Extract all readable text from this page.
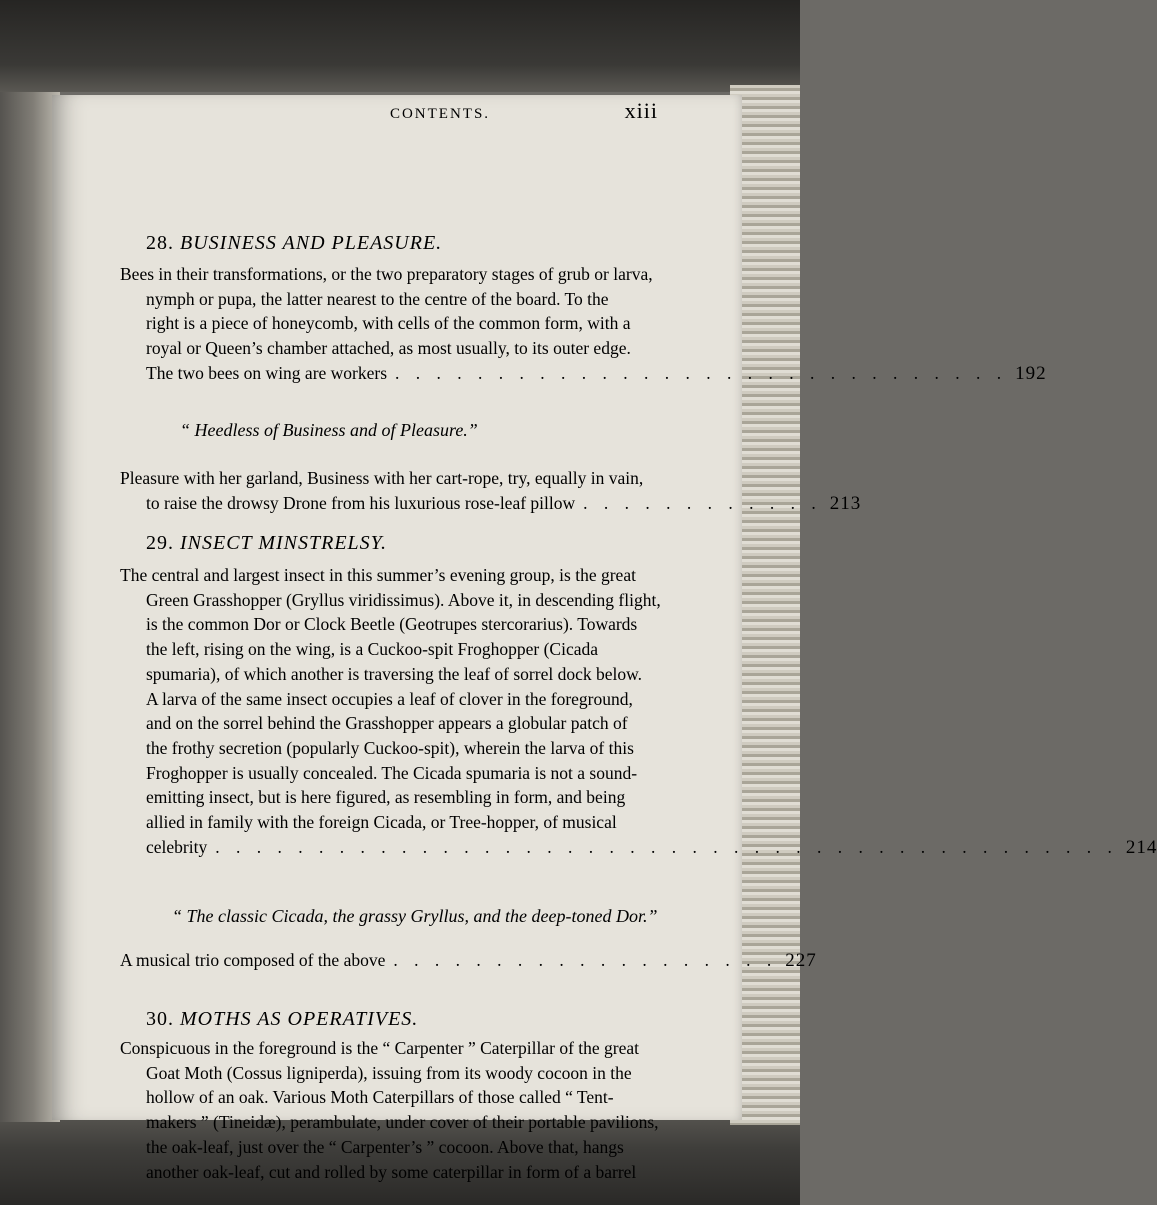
CONTENTS.	xiii
28. BUSINESS AND PLEASURE.
Bees in their transformations, or the two preparatory stages of grub or larva,
nymph or pupa, the latter nearest to the centre of the board. To the
right is a piece of honeycomb, with cells of the common form, with a
royal or Queen’s chamber attached, as most usually, to its outer edge.
The two bees on wing are workers . . . . . . . . . . . . . . . . . . . . . . . . . . . . . . 192
“ Heedless of Business and of Pleasure.”
Pleasure with her garland, Business with her cart-rope, try, equally in vain,
to raise the drowsy Drone from his luxurious rose-leaf pillow . . . . . . . . . . . . 213
29. INSECT MINSTRELSY.
The central and largest insect in this summer’s evening group, is the great
Green Grasshopper (Gryllus viridissimus). Above it, in descending flight,
is the common Dor or Clock Beetle (Geotrupes stercorarius). Towards
the left, rising on the wing, is a Cuckoo-spit Froghopper (Cicada
spumaria), of which another is traversing the leaf of sorrel dock below.
A larva of the same insect occupies a leaf of clover in the foreground,
and on the sorrel behind the Grasshopper appears a globular patch of
the frothy secretion (popularly Cuckoo-spit), wherein the larva of this
Froghopper is usually concealed. The Cicada spumaria is not a sound-
emitting insect, but is here figured, as resembling in form, and being
allied in family with the foreign Cicada, or Tree-hopper, of musical
celebrity . . . . . . . . . . . . . . . . . . . . . . . . . . . . . . . . . . . . . . . . . . . . 214
“ The classic Cicada, the grassy Gryllus, and the deep-toned Dor.”
A musical trio composed of the above . . . . . . . . . . . . . . . . . . . 227
30. MOTHS AS OPERATIVES.
Conspicuous in the foreground is the “ Carpenter ” Caterpillar of the great
Goat Moth (Cossus ligniperda), issuing from its woody cocoon in the
hollow of an oak. Various Moth Caterpillars of those called “ Tent-
makers ” (Tineidæ), perambulate, under cover of their portable pavilions,
the oak-leaf, just over the “ Carpenter’s ” cocoon. Above that, hangs
another oak-leaf, cut and rolled by some caterpillar in form of a barrel
